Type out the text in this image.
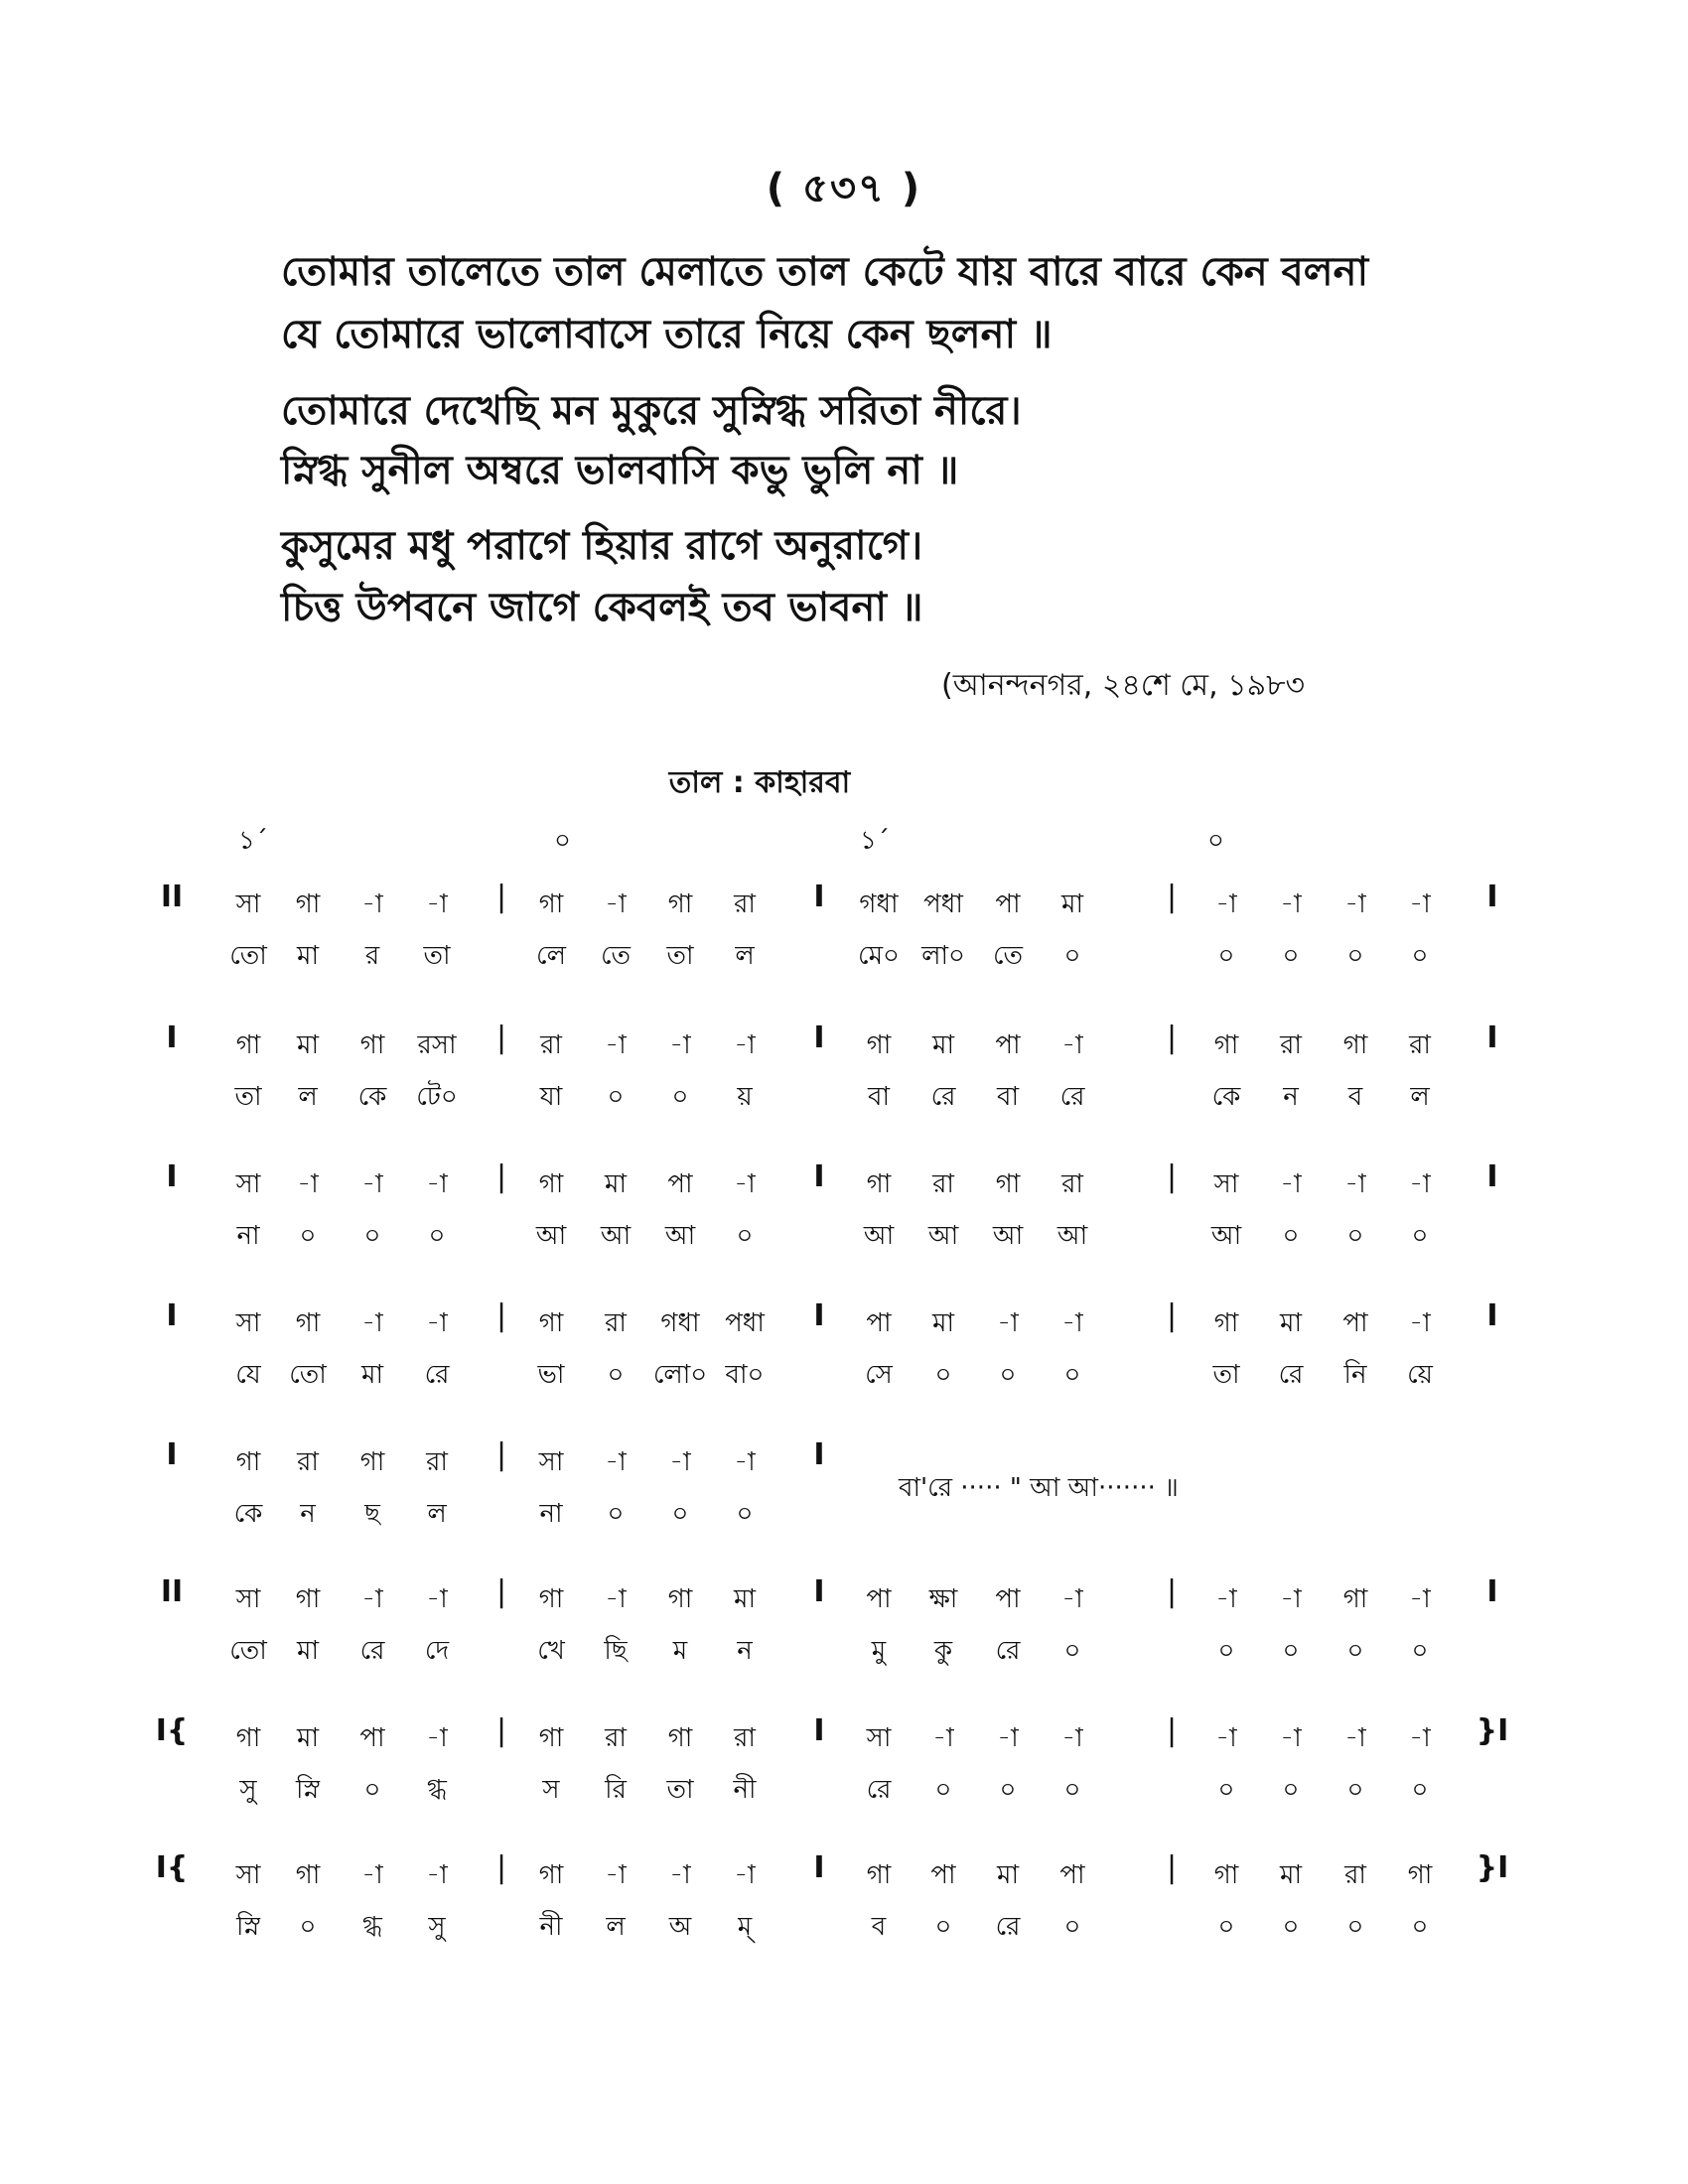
( ৫৩৭ )
তোমার তালেতে তাল মেলাতে তাল কেটে যায় বারে বারে কেন বলনা
যে তোমারে ভালোবাসে তারে নিয়ে কেন ছলনা ॥
তোমারে দেখেছি মন মুকুরে সুস্নিগ্ধ সরিতা নীরে।
স্নিগ্ধ সুনীল অম্বরে ভালবাসি কভু ভুলি না ॥
কুসুমের মধু পরাগে হিয়ার রাগে অনুরাগে।
চিত্ত উপবনে জাগে কেবলই তব ভাবনা ॥
(আনন্দনগর, ২৪শে মে, ১৯৮৩
তাল : কাহারবা
১´	০	১´	০
II	|	I	|	I
সা গা -া -া	গা -া গা রা	গধা পধা পা মা	-া -া -া -া
তো মা র তা	লে তে তা ল	মে০ লা০ তে ০	০ ০ ০ ০
I	|	I	|	I
গা মা গা রসা	রা -া -া -া	গা মা পা -া	গা রা গা রা
তা ল কে টে০	যা ০ ০ য়	বা রে বা রে	কে ন ব ল
I	|	I	|	I
সা -া -া -া	গা মা পা -া	গা রা গা রা	সা -া -া -া
না ০ ০ ০	আ আ আ ০	আ আ আ আ	আ ০ ০ ০
I	|	I	|	I
সা গা -া -া	গা রা গধা পধা	পা মা -া -া	গা মা পা -া
যে তো মা রে	ভা ০ লো০ বা০	সে ০ ০ ০	তা রে নি য়ে
I	|	I
গা রা গা রা	সা -া -া -া
কে ন ছ ল	না ০ ০ ০
বা'রে ····· " আ আ······· ॥
II	|	I	|	I
সা গা -া -া	গা -া গা মা	পা ক্ষা পা -া	-া -া গা -া
তো মা রে দে	খে ছি ম ন	মু কু রে ০	০ ০ ০ ০
I{	|	I	|	}I
গা মা পা -া	গা রা গা রা	সা -া -া -া	-া -া -া -া
সু স্নি ০ গ্ধ	স রি তা নী	রে ০ ০ ০	০ ০ ০ ০
I{	|	I	|	}I
সা গা -া -া	গা -া -া -া	গা পা মা পা	গা মা রা গা
স্নি ০ গ্ধ সু	নী ল অ ম্	ব ০ রে ০	০ ০ ০ ০
